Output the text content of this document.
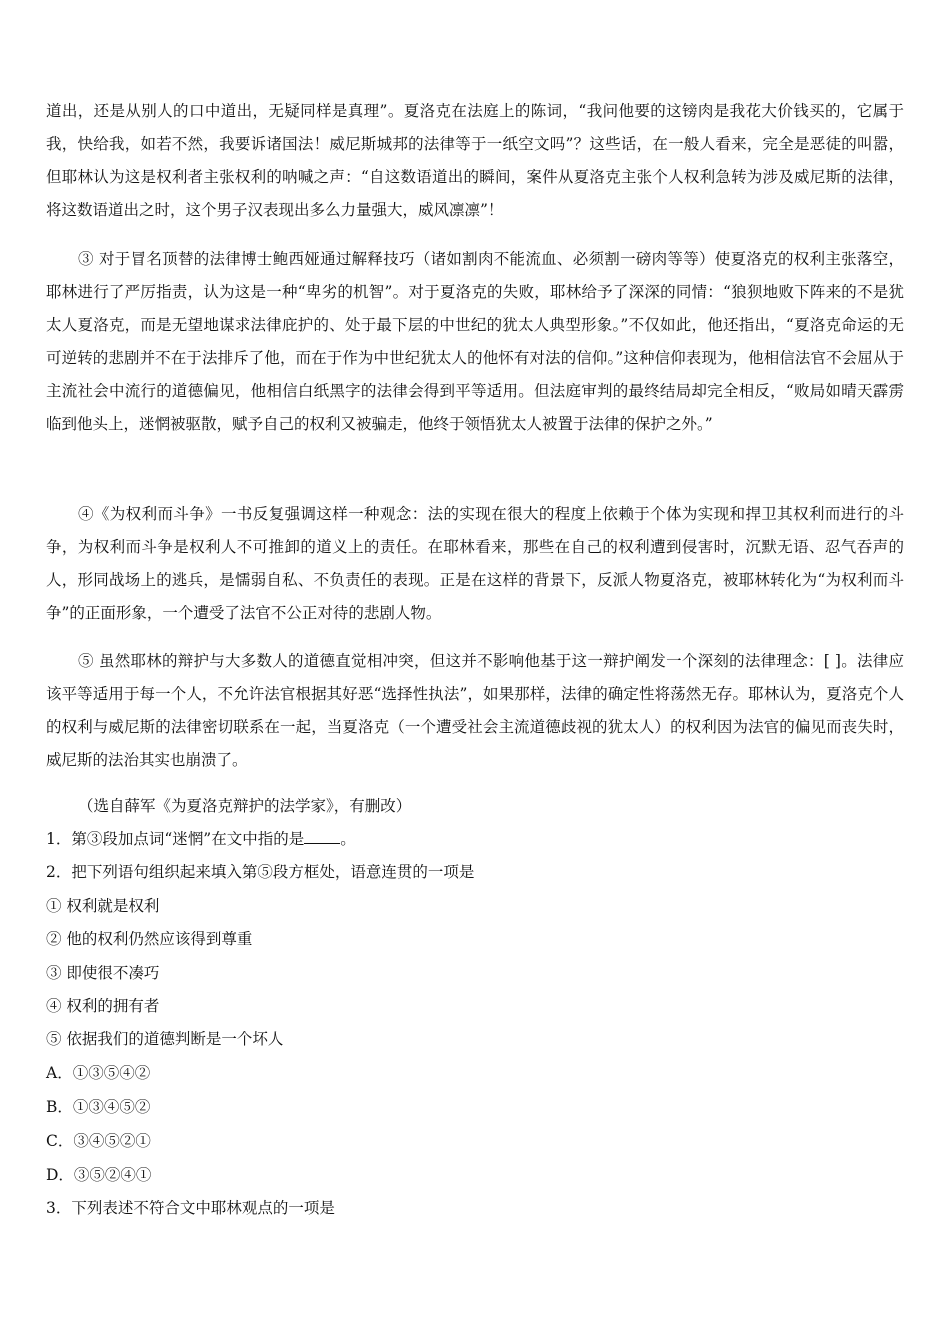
道出，还是从别人的口中道出，无疑同样是真理”。夏洛克在法庭上的陈词，“我问他要的这镑肉是我花大价钱买的，它属于我，快给我，如若不然，我要诉诸国法！威尼斯城邦的法律等于一纸空文吗”？这些话，在一般人看来，完全是恶徒的叫嚣，但耶林认为这是权利者主张权利的呐喊之声：“自这数语道出的瞬间，案件从夏洛克主张个人权利急转为涉及威尼斯的法律，将这数语道出之时，这个男子汉表现出多么力量强大，威风凛凛”！

③ 对于冒名顶替的法律博士鲍西娅通过解释技巧（诸如割肉不能流血、必须割一磅肉等等）使夏洛克的权利主张落空，耶林进行了严厉指责，认为这是一种“卑劣的机智”。对于夏洛克的失败，耶林给予了深深的同情：“狼狈地败下阵来的不是犹太人夏洛克，而是无望地谋求法律庇护的、处于最下层的中世纪的犹太人典型形象。”不仅如此，他还指出，“夏洛克命运的无可逆转的悲剧并不在于法排斥了他，而在于作为中世纪犹太人的他怀有对法的信仰。”这种信仰表现为，他相信法官不会屈从于主流社会中流行的道德偏见，他相信白纸黑字的法律会得到平等适用。但法庭审判的最终结局却完全相反，“败局如晴天霹雳临到他头上，迷惘被驱散，赋予自己的权利又被骗走，他终于领悟犹太人被置于法律的保护之外。”

④《为权利而斗争》一书反复强调这样一种观念：法的实现在很大的程度上依赖于个体为实现和捍卫其权利而进行的斗争，为权利而斗争是权利人不可推卸的道义上的责任。在耶林看来，那些在自己的权利遭到侵害时，沉默无语、忍气吞声的人，形同战场上的逃兵，是懦弱自私、不负责任的表现。正是在这样的背景下，反派人物夏洛克，被耶林转化为“为权利而斗争”的正面形象，一个遭受了法官不公正对待的悲剧人物。

⑤ 虽然耶林的辩护与大多数人的道德直觉相冲突，但这并不影响他基于这一辩护阐发一个深刻的法律理念：[ ]。法律应该平等适用于每一个人，不允许法官根据其好恶“选择性执法”，如果那样，法律的确定性将荡然无存。耶林认为，夏洛克个人的权利与威尼斯的法律密切联系在一起，当夏洛克（一个遭受社会主流道德歧视的犹太人）的权利因为法官的偏见而丧失时，威尼斯的法治其实也崩溃了。

（选自薛军《为夏洛克辩护的法学家》，有删改）

1．第③段加点词“迷惘”在文中指的是 。

2．把下列语句组织起来填入第⑤段方框处，语意连贯的一项是

① 权利就是权利

② 他的权利仍然应该得到尊重

③ 即使很不凑巧

④ 权利的拥有者

⑤ 依据我们的道德判断是一个坏人

A．①③⑤④②

B．①③④⑤②

C．③④⑤②①

D．③⑤②④①

3．下列表述不符合文中耶林观点的一项是
